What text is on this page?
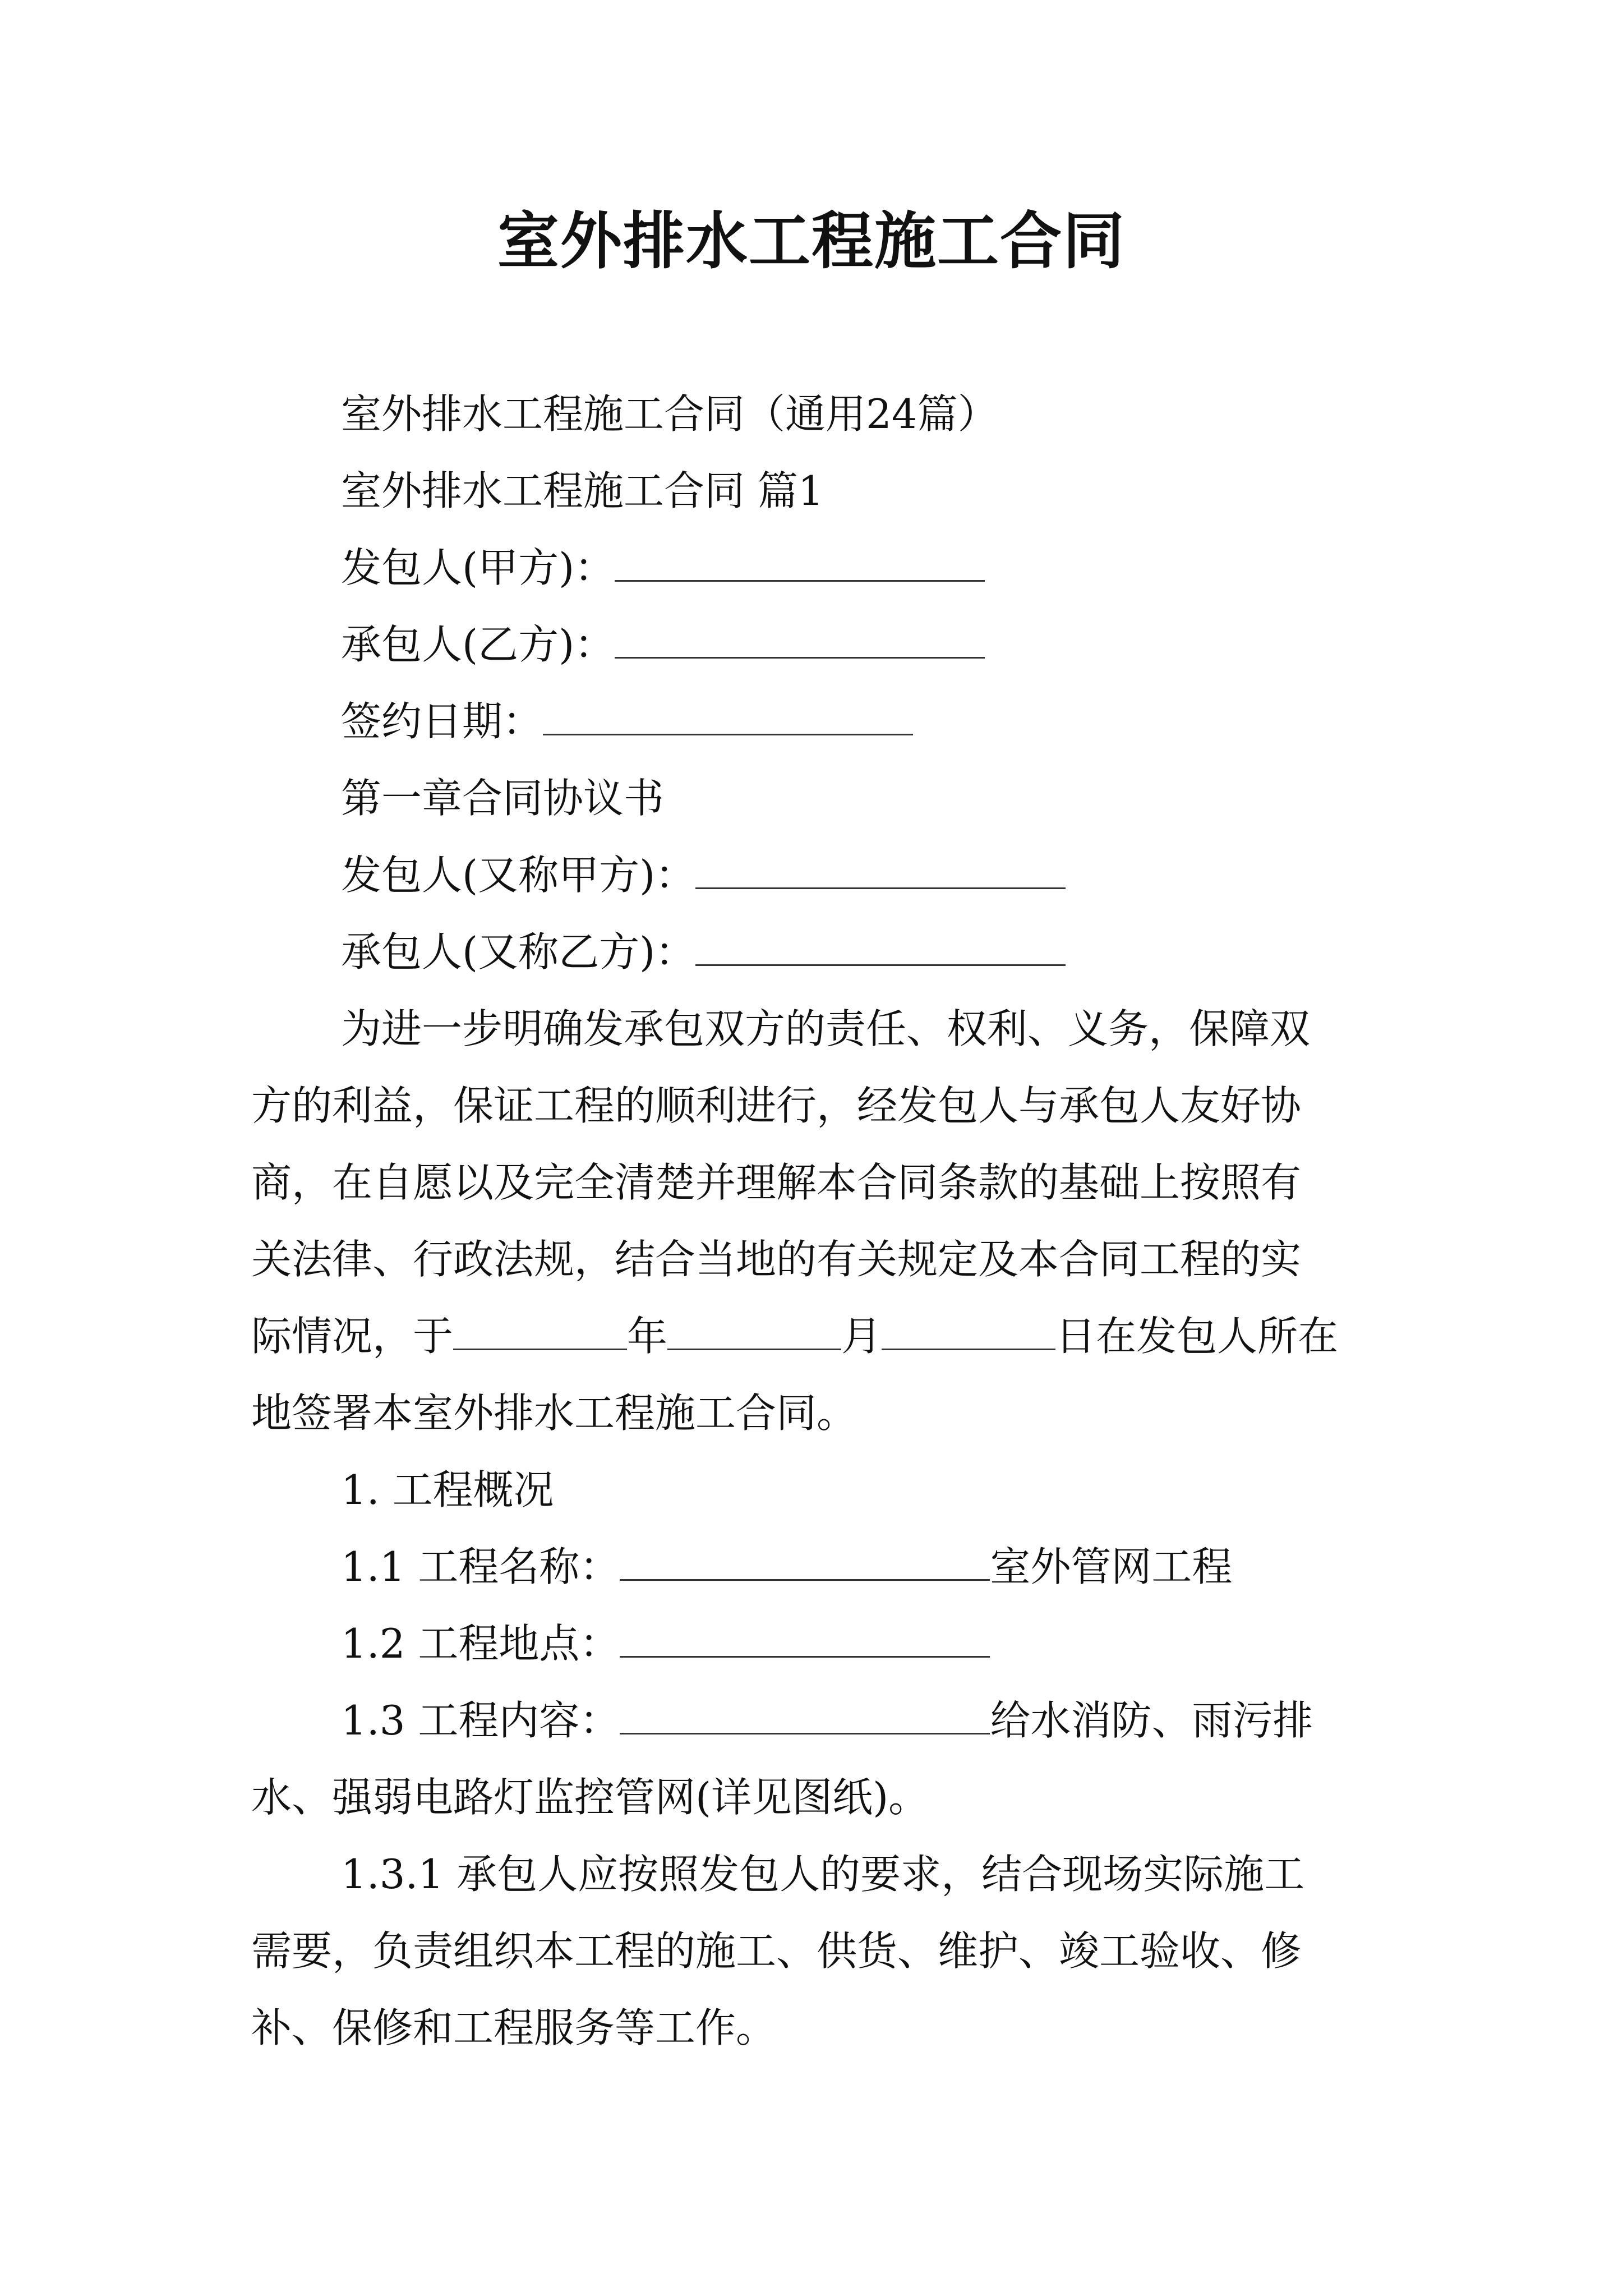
室外排水工程施工合同
室外排水工程施工合同（通用24篇）
室外排水工程施工合同 篇1
发包人(甲方)：
承包人(乙方)：
签约日期：
第一章合同协议书
发包人(又称甲方)：
承包人(又称乙方)：
为进一步明确发承包双方的责任、权利、义务，保障双
方的利益，保证工程的顺利进行，经发包人与承包人友好协
商，在自愿以及完全清楚并理解本合同条款的基础上按照有
关法律、行政法规，结合当地的有关规定及本合同工程的实
际情况，于	年	月	日在发包人所在
地签署本室外排水工程施工合同。
1. 工程概况
1.1 工程名称：	室外管网工程
1.2 工程地点：
1.3 工程内容：	给水消防、雨污排
水、强弱电路灯监控管网(详见图纸)。
1.3.1 承包人应按照发包人的要求，结合现场实际施工
需要，负责组织本工程的施工、供货、维护、竣工验收、修
补、保修和工程服务等工作。
